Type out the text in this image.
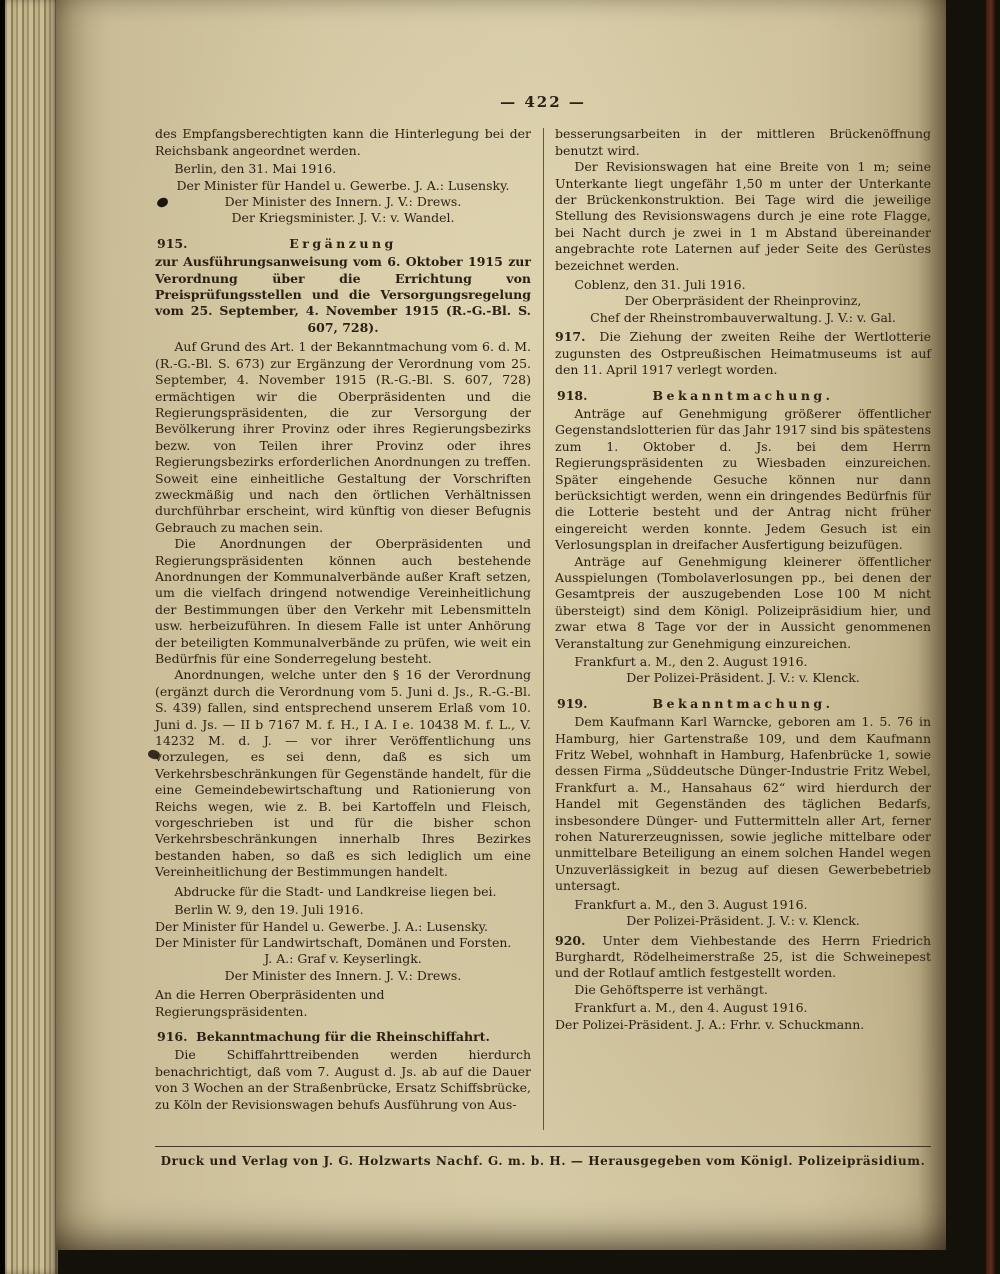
— 422 —

des Empfangsberechtigten kann die Hinterlegung bei der Reichsbank angeordnet werden.

Berlin, den 31. Mai 1916.

Der Minister für Handel u. Gewerbe. J. A.: Lusensky.

Der Minister des Innern. J. V.: Drews.

Der Kriegsminister. J. V.: v. Wandel.

915.	Ergänzung

zur Ausführungsanweisung vom 6. Oktober 1915 zur Verordnung über die Errichtung von Preisprüfungsstellen und die Versorgungsregelung vom 25. September, 4. November 1915 (R.-G.-Bl. S. 607, 728).

Auf Grund des Art. 1 der Bekanntmachung vom 6. d. M. (R.-G.-Bl. S. 673) zur Ergänzung der Verordnung vom 25. September, 4. November 1915 (R.-G.-Bl. S. 607, 728) ermächtigen wir die Oberpräsidenten und die Regierungspräsidenten, die zur Versorgung der Bevölkerung ihrer Provinz oder ihres Regierungsbezirks bezw. von Teilen ihrer Provinz oder ihres Regierungsbezirks erforderlichen Anordnungen zu treffen. Soweit eine einheitliche Gestaltung der Vorschriften zweckmäßig und nach den örtlichen Verhältnissen durchführbar erscheint, wird künftig von dieser Befugnis Gebrauch zu machen sein.

Die Anordnungen der Oberpräsidenten und Regierungspräsidenten können auch bestehende Anordnungen der Kommunalverbände außer Kraft setzen, um die vielfach dringend notwendige Vereinheitlichung der Bestimmungen über den Verkehr mit Lebensmitteln usw. herbeizuführen. In diesem Falle ist unter Anhörung der beteiligten Kommunalverbände zu prüfen, wie weit ein Bedürfnis für eine Sonderregelung besteht.

Anordnungen, welche unter den § 16 der Verordnung (ergänzt durch die Verordnung vom 5. Juni d. Js., R.-G.-Bl. S. 439) fallen, sind entsprechend unserem Erlaß vom 10. Juni d. Js. — II b 7167 M. f. H., I A. I e. 10438 M. f. L., V. 14232 M. d. J. — vor ihrer Veröffentlichung uns vorzulegen, es sei denn, daß es sich um Verkehrsbeschränkungen für Gegenstände handelt, für die eine Gemeindebewirtschaftung und Rationierung von Reichs wegen, wie z. B. bei Kartoffeln und Fleisch, vorgeschrieben ist und für die bisher schon Verkehrsbeschränkungen innerhalb Ihres Bezirkes bestanden haben, so daß es sich lediglich um eine Vereinheitlichung der Bestimmungen handelt.

Abdrucke für die Stadt- und Landkreise liegen bei.

Berlin W. 9, den 19. Juli 1916.

Der Minister für Handel u. Gewerbe. J. A.: Lusensky.

Der Minister für Landwirtschaft, Domänen und Forsten.

J. A.: Graf v. Keyserlingk.

Der Minister des Innern. J. V.: Drews.

An die Herren Oberpräsidenten und Regierungspräsidenten.

916. Bekanntmachung für die Rheinschiffahrt.

Die Schiffahrttreibenden werden hierdurch benachrichtigt, daß vom 7. August d. Js. ab auf die Dauer von 3 Wochen an der Straßenbrücke, Ersatz Schiffsbrücke, zu Köln der Revisionswagen behufs Ausführung von Aus-

besserungsarbeiten in der mittleren Brückenöffnung benutzt wird.

Der Revisionswagen hat eine Breite von 1 m; seine Unterkante liegt ungefähr 1,50 m unter der Unterkante der Brückenkonstruktion. Bei Tage wird die jeweilige Stellung des Revisionswagens durch je eine rote Flagge, bei Nacht durch je zwei in 1 m Abstand übereinander angebrachte rote Laternen auf jeder Seite des Gerüstes bezeichnet werden.

Coblenz, den 31. Juli 1916.

Der Oberpräsident der Rheinprovinz,

Chef der Rheinstrombauverwaltung. J. V.: v. Gal.

917. Die Ziehung der zweiten Reihe der Wertlotterie zugunsten des Ostpreußischen Heimatmuseums ist auf den 11. April 1917 verlegt worden.

918.	Bekanntmachung.

Anträge auf Genehmigung größerer öffentlicher Gegenstandslotterien für das Jahr 1917 sind bis spätestens zum 1. Oktober d. Js. bei dem Herrn Regierungspräsidenten zu Wiesbaden einzureichen. Später eingehende Gesuche können nur dann berücksichtigt werden, wenn ein dringendes Bedürfnis für die Lotterie besteht und der Antrag nicht früher eingereicht werden konnte. Jedem Gesuch ist ein Verlosungsplan in dreifacher Ausfertigung beizufügen.

Anträge auf Genehmigung kleinerer öffentlicher Ausspielungen (Tombolaverlosungen pp., bei denen der Gesamtpreis der auszugebenden Lose 100 M nicht übersteigt) sind dem Königl. Polizeipräsidium hier, und zwar etwa 8 Tage vor der in Aussicht genommenen Veranstaltung zur Genehmigung einzureichen.

Frankfurt a. M., den 2. August 1916.

Der Polizei-Präsident. J. V.: v. Klenck.

919.	Bekanntmachung.

Dem Kaufmann Karl Warncke, geboren am 1. 5. 76 in Hamburg, hier Gartenstraße 109, und dem Kaufmann Fritz Webel, wohnhaft in Hamburg, Hafenbrücke 1, sowie dessen Firma „Süddeutsche Dünger-Industrie Fritz Webel, Frankfurt a. M., Hansahaus 62“ wird hierdurch der Handel mit Gegenständen des täglichen Bedarfs, insbesondere Dünger- und Futtermitteln aller Art, ferner rohen Naturerzeugnissen, sowie jegliche mittelbare oder unmittelbare Beteiligung an einem solchen Handel wegen Unzuverlässigkeit in bezug auf diesen Gewerbebetrieb untersagt.

Frankfurt a. M., den 3. August 1916.

Der Polizei-Präsident. J. V.: v. Klenck.

920. Unter dem Viehbestande des Herrn Friedrich Burghardt, Rödelheimerstraße 25, ist die Schweinepest und der Rotlauf amtlich festgestellt worden.

Die Gehöftsperre ist verhängt.

Frankfurt a. M., den 4. August 1916.

Der Polizei-Präsident. J. A.: Frhr. v. Schuckmann.

Druck und Verlag von J. G. Holzwarts Nachf. G. m. b. H. — Herausgegeben vom Königl. Polizeipräsidium.
